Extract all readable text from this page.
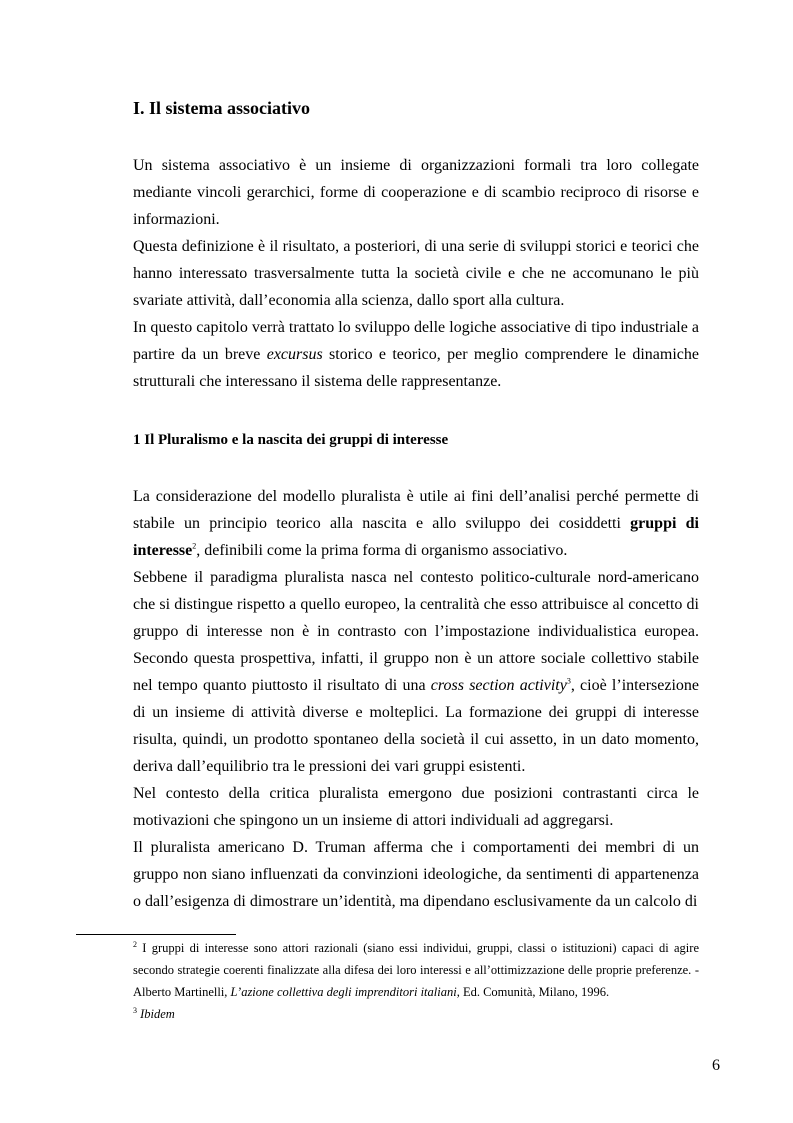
I. Il sistema associativo

Un sistema associativo è un insieme di organizzazioni formali tra loro collegate mediante vincoli gerarchici, forme di cooperazione e di scambio reciproco di risorse e informazioni.

Questa definizione è il risultato, a posteriori, di una serie di sviluppi storici e teorici che hanno interessato trasversalmente tutta la società civile e che ne accomunano le più svariate attività, dall’economia alla scienza, dallo sport alla cultura.

In questo capitolo verrà trattato lo sviluppo delle logiche associative di tipo industriale a partire da un breve excursus storico e teorico, per meglio comprendere le dinamiche strutturali che interessano il sistema delle rappresentanze.

1 Il Pluralismo e la nascita dei gruppi di interesse

La considerazione del modello pluralista è utile ai fini dell’analisi perché permette di stabile un principio teorico alla nascita e allo sviluppo dei cosiddetti gruppi di interesse$^2$, definibili come la prima forma di organismo associativo.

Sebbene il paradigma pluralista nasca nel contesto politico-culturale nord-americano che si distingue rispetto a quello europeo, la centralità che esso attribuisce al concetto di gruppo di interesse non è in contrasto con l’impostazione individualistica europea. Secondo questa prospettiva, infatti, il gruppo non è un attore sociale collettivo stabile nel tempo quanto piuttosto il risultato di una cross section activity$^3$, cioè l’intersezione di un insieme di attività diverse e molteplici. La formazione dei gruppi di interesse risulta, quindi, un prodotto spontaneo della società il cui assetto, in un dato momento, deriva dall’equilibrio tra le pressioni dei vari gruppi esistenti.

Nel contesto della critica pluralista emergono due posizioni contrastanti circa le motivazioni che spingono un un insieme di attori individuali ad aggregarsi.

Il pluralista americano D. Truman afferma che i comportamenti dei membri di un gruppo non siano influenzati da convinzioni ideologiche, da sentimenti di appartenenza o dall’esigenza di dimostrare un’identità, ma dipendano esclusivamente da un calcolo di

$^2$ I gruppi di interesse sono attori razionali (siano essi individui, gruppi, classi o istituzioni) capaci di agire secondo strategie coerenti finalizzate alla difesa dei loro interessi e all’ottimizzazione delle proprie preferenze. -Alberto Martinelli, L’azione collettiva degli imprenditori italiani, Ed. Comunità, Milano, 1996.

$^3$ Ibidem

6
